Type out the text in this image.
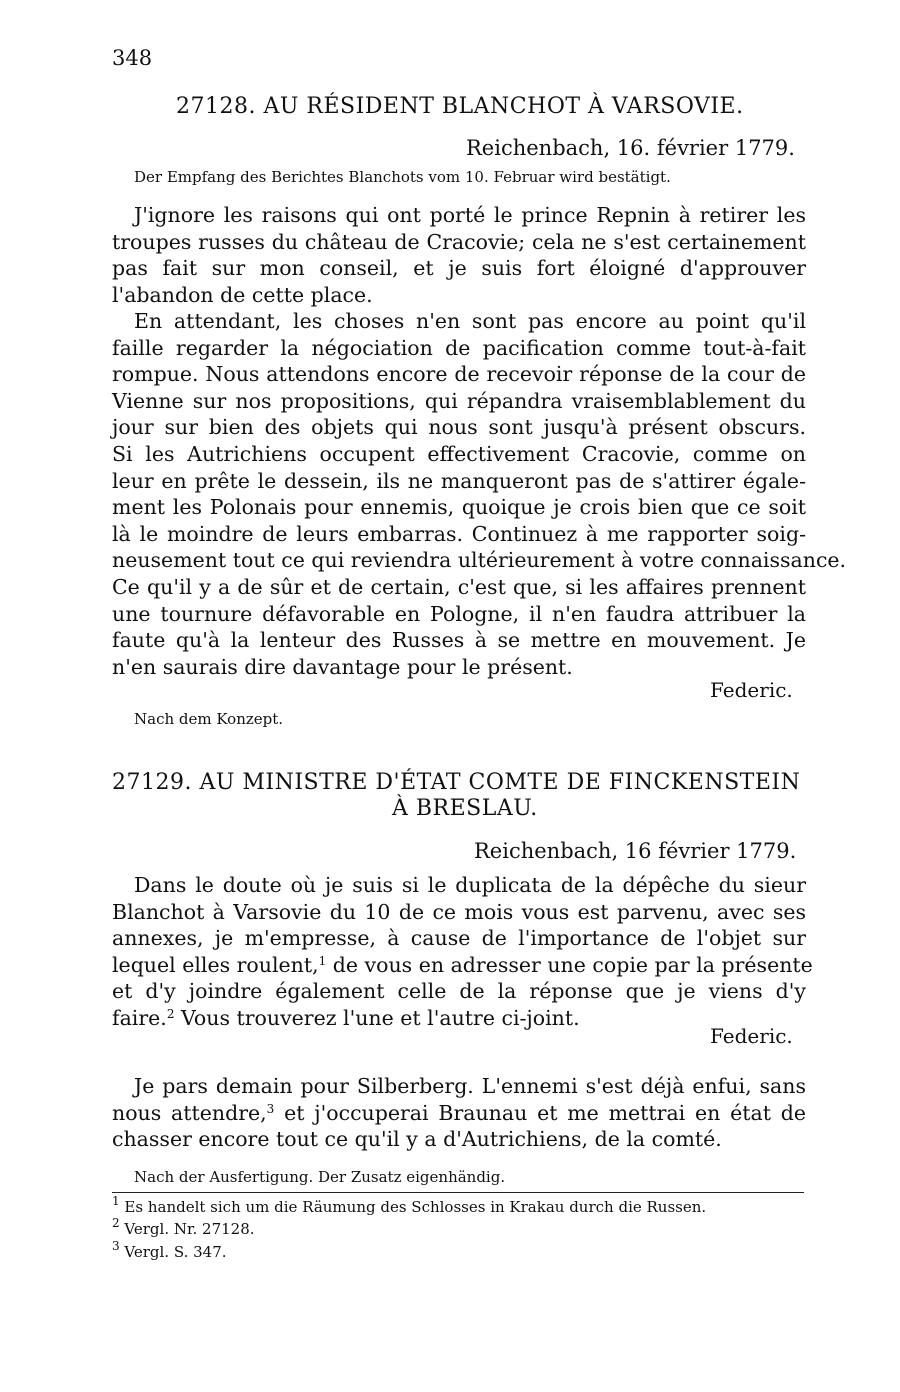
348
27128. AU RÉSIDENT BLANCHOT À VARSOVIE.
Reichenbach, 16. février 1779.
Der Empfang des Berichtes Blanchots vom 10. Februar wird bestätigt.
J'ignore les raisons qui ont porté le prince Repnin à retirer les
troupes russes du château de Cracovie; cela ne s'est certainement
pas fait sur mon conseil, et je suis fort éloigné d'approuver
l'abandon de cette place.
En attendant, les choses n'en sont pas encore au point qu'il
faille regarder la négociation de pacification comme tout-à-fait
rompue. Nous attendons encore de recevoir réponse de la cour de
Vienne sur nos propositions, qui répandra vraisemblablement du
jour sur bien des objets qui nous sont jusqu'à présent obscurs.
Si les Autrichiens occupent effectivement Cracovie, comme on
leur en prête le dessein, ils ne manqueront pas de s'attirer égale-
ment les Polonais pour ennemis, quoique je crois bien que ce soit
là le moindre de leurs embarras. Continuez à me rapporter soig-
neusement tout ce qui reviendra ultérieurement à votre connaissance.
Ce qu'il y a de sûr et de certain, c'est que, si les affaires prennent
une tournure défavorable en Pologne, il n'en faudra attribuer la
faute qu'à la lenteur des Russes à se mettre en mouvement. Je
n'en saurais dire davantage pour le présent.
Federic.
Nach dem Konzept.
27129. AU MINISTRE D'ÉTAT COMTE DE FINCKENSTEIN
À BRESLAU.
Reichenbach, 16 février 1779.
Dans le doute où je suis si le duplicata de la dépêche du sieur
Blanchot à Varsovie du 10 de ce mois vous est parvenu, avec ses
annexes, je m'empresse, à cause de l'importance de l'objet sur
lequel elles roulent,$^1$ de vous en adresser une copie par la présente
et d'y joindre également celle de la réponse que je viens d'y
faire.$^2$ Vous trouverez l'une et l'autre ci-joint.
Federic.
Je pars demain pour Silberberg. L'ennemi s'est déjà enfui, sans
nous attendre,$^3$ et j'occuperai Braunau et me mettrai en état de
chasser encore tout ce qu'il y a d'Autrichiens, de la comté.
Nach der Ausfertigung. Der Zusatz eigenhändig.
$^1$ Es handelt sich um die Räumung des Schlosses in Krakau durch die Russen.
$^2$ Vergl. Nr. 27128.
$^3$ Vergl. S. 347.
